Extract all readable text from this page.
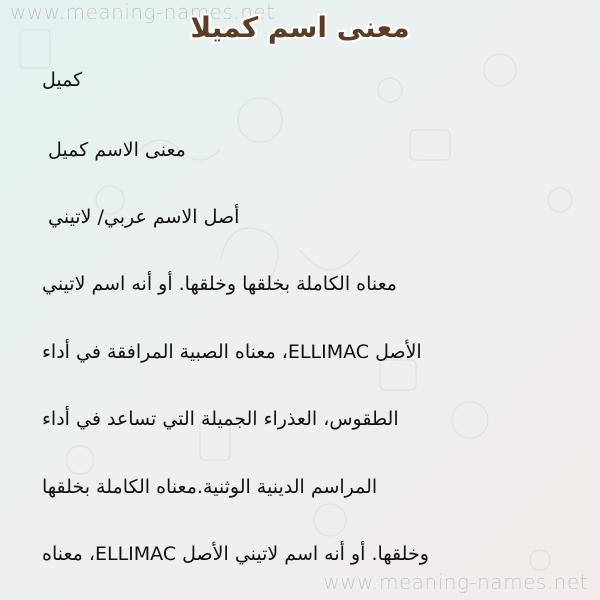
www.meaning-names.net
معنى اسم كميلا
كميل
معنى الاسم كميل
أصل الاسم عربي/ لاتيني
معناه الكاملة بخلقها وخلقها. أو أنه اسم لاتيني
الأصل ELLIMAC، معناه الصبية المرافقة في أداء
الطقوس، العذراء الجميلة التي تساعد في أداء
المراسم الدينية الوثنية.معناه الكاملة بخلقها
وخلقها. أو أنه اسم لاتيني الأصل ELLIMAC، معناه
www.meaning-names.net
